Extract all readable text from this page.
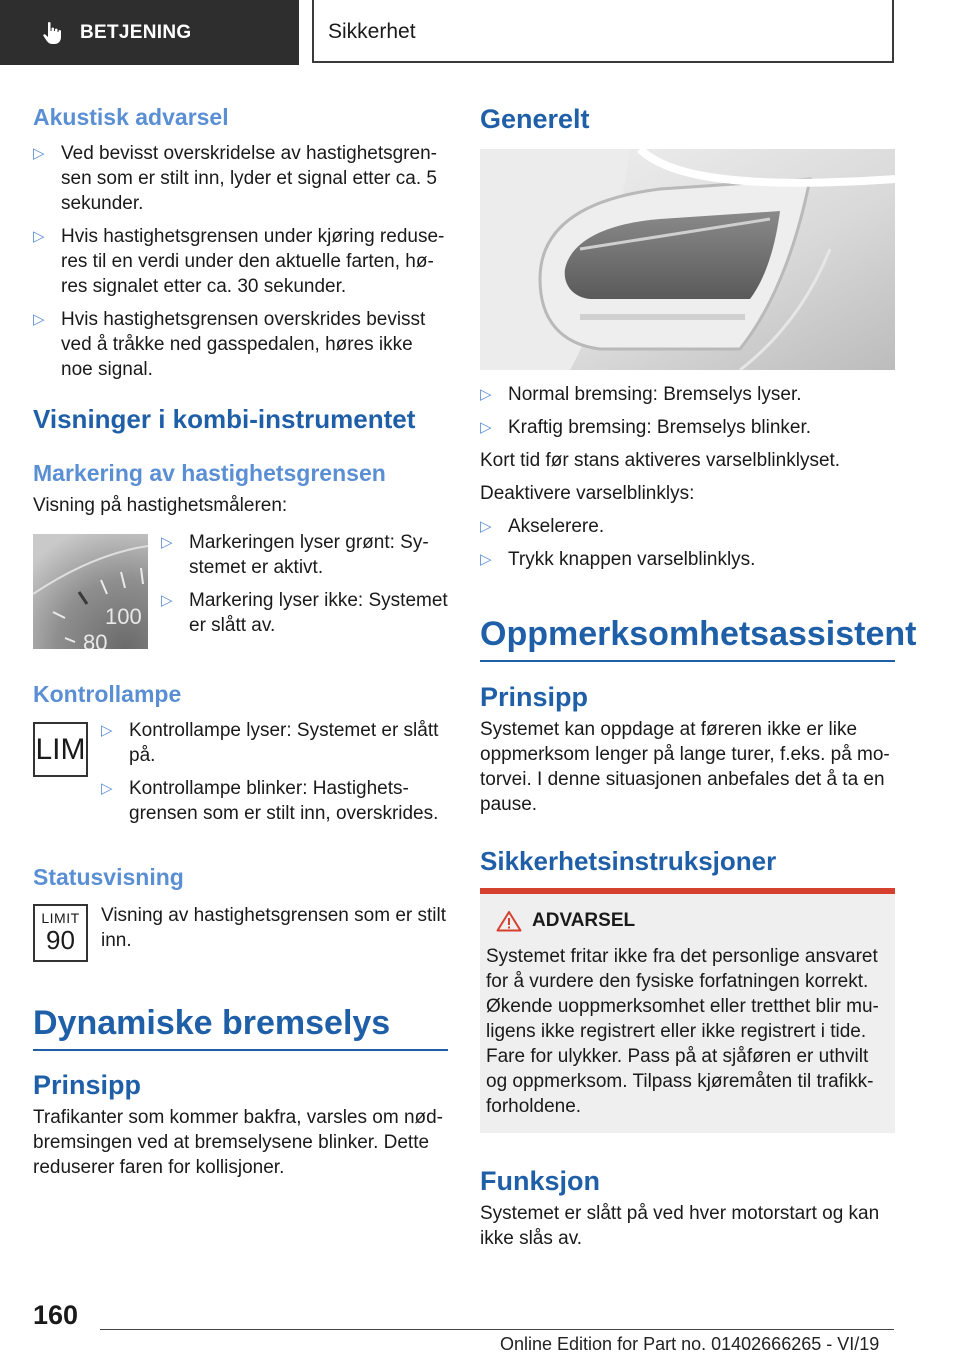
BETJENING	Sikkerhet
Akustisk advarsel
▷ Ved bevisst overskridelse av hastighetsgren-sen som er stilt inn, lyder et signal etter ca. 5 sekunder.
▷ Hvis hastighetsgrensen under kjøring reduse-res til en verdi under den aktuelle farten, hø-res signalet etter ca. 30 sekunder.
▷ Hvis hastighetsgrensen overskrides bevisst ved å tråkke ned gasspedalen, høres ikke noe signal.
Visninger i kombi-instrumentet
Markering av hastighetsgrensen

Visning på hastighetsmåleren:

100
80
▷ Markeringen lyser grønt: Sy-stemet er aktivt.
▷ Markering lyser ikke: Systemet er slått av.
Kontrollampe
LIM
▷ Kontrollampe lyser: Systemet er slått på.
▷ Kontrollampe blinker: Hastighets-grensen som er stilt inn, overskrides.
Statusvisning
LIMIT
90

Visning av hastighetsgrensen som er stilt inn.

Dynamiske bremselys
Prinsipp

Trafikanter som kommer bakfra, varsles om nød-bremsingen ved at bremselysene blinker. Dette reduserer faren for kollisjoner.

Generelt
▷ Normal bremsing: Bremselys lyser.
▷ Kraftig bremsing: Bremselys blinker.

Kort tid før stans aktiveres varselblinklyset.

Deaktivere varselblinklys:

▷ Akselerere.
▷ Trykk knappen varselblinklys.
Oppmerksomhetsassistent
Prinsipp

Systemet kan oppdage at føreren ikke er like oppmerksom lenger på lange turer, f.eks. på mo-torvei. I denne situasjonen anbefales det å ta en pause.

Sikkerhetsinstruksjoner
ADVARSEL

Systemet fritar ikke fra det personlige ansvaret for å vurdere den fysiske forfatningen korrekt. Økende uoppmerksomhet eller tretthet blir mu-ligens ikke registrert eller ikke registrert i tide. Fare for ulykker. Pass på at sjåføren er uthvilt og oppmerksom. Tilpass kjøremåten til trafikk-forholdene.

Funksjon

Systemet er slått på ved hver motorstart og kan ikke slås av.

160
Online Edition for Part no. 01402666265 - VI/19
